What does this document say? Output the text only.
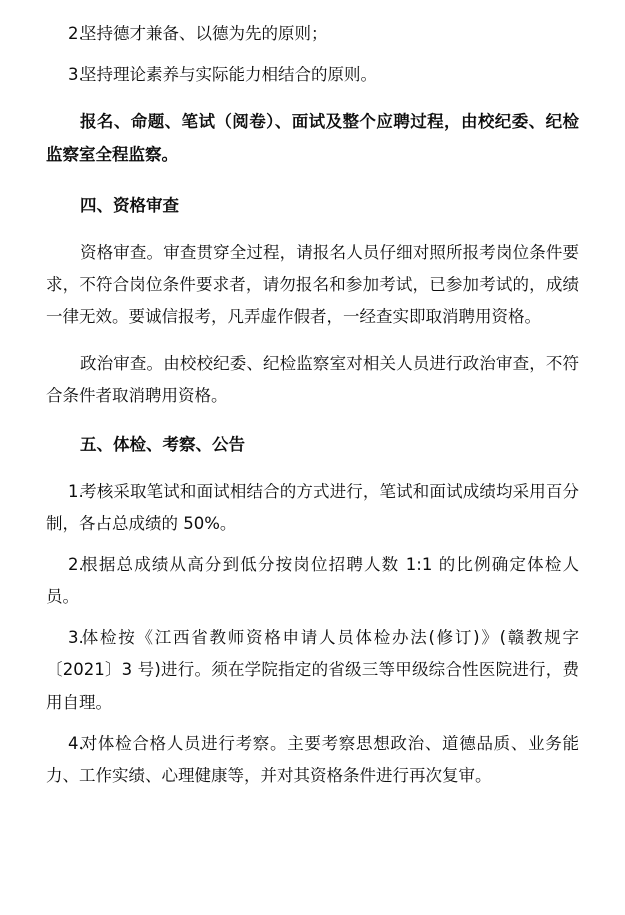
2.坚持德才兼备、以德为先的原则；
3.坚持理论素养与实际能力相结合的原则。
报名、命题、笔试（阅卷）、面试及整个应聘过程，由校纪委、纪检监察室全程监察。
四、资格审查
资格审查。审查贯穿全过程，请报名人员仔细对照所报考岗位条件要求，不符合岗位条件要求者，请勿报名和参加考试，已参加考试的，成绩一律无效。要诚信报考，凡弄虚作假者，一经查实即取消聘用资格。
政治审查。由校校纪委、纪检监察室对相关人员进行政治审查，不符合条件者取消聘用资格。
五、体检、考察、公告
1.考核采取笔试和面试相结合的方式进行，笔试和面试成绩均采用百分制，各占总成绩的 50%。
2.根据总成绩从高分到低分按岗位招聘人数 1:1 的比例确定体检人员。
3.体检按《江西省教师资格申请人员体检办法(修订)》(赣教规字〔2021〕3 号)进行。须在学院指定的省级三等甲级综合性医院进行，费用自理。
4.对体检合格人员进行考察。主要考察思想政治、道德品质、业务能力、工作实绩、心理健康等，并对其资格条件进行再次复审。
